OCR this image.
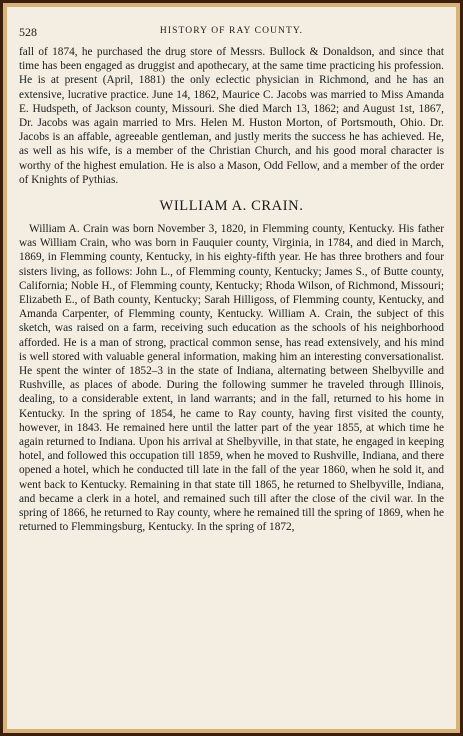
528	HISTORY OF RAY COUNTY.

fall of 1874, he purchased the drug store of Messrs. Bullock & Donaldson, and since that time has been engaged as druggist and apothecary, at the same time practicing his profession. He is at present (April, 1881) the only eclectic physician in Richmond, and he has an extensive, lucrative practice. June 14, 1862, Maurice C. Jacobs was married to Miss Amanda E. Hudspeth, of Jackson county, Missouri. She died March 13, 1862; and August 1st, 1867, Dr. Jacobs was again married to Mrs. Helen M. Huston Morton, of Portsmouth, Ohio. Dr. Jacobs is an affable, agreeable gentleman, and justly merits the success he has achieved. He, as well as his wife, is a member of the Christian Church, and his good moral character is worthy of the highest emulation. He is also a Mason, Odd Fellow, and a member of the order of Knights of Pythias.

WILLIAM A. CRAIN.

William A. Crain was born November 3, 1820, in Flemming county, Kentucky. His father was William Crain, who was born in Fauquier county, Virginia, in 1784, and died in March, 1869, in Flemming county, Kentucky, in his eighty-fifth year. He has three brothers and four sisters living, as follows: John L., of Flemming county, Kentucky; James S., of Butte county, California; Noble H., of Flemming county, Kentucky; Rhoda Wilson, of Richmond, Missouri; Elizabeth E., of Bath county, Kentucky; Sarah Hilligoss, of Flemming county, Kentucky, and Amanda Carpenter, of Flemming county, Kentucky. William A. Crain, the subject of this sketch, was raised on a farm, receiving such education as the schools of his neighborhood afforded. He is a man of strong, practical common sense, has read extensively, and his mind is well stored with valuable general information, making him an interesting conversationalist. He spent the winter of 1852–3 in the state of Indiana, alternating between Shelbyville and Rushville, as places of abode. During the following summer he traveled through Illinois, dealing, to a considerable extent, in land warrants; and in the fall, returned to his home in Kentucky. In the spring of 1854, he came to Ray county, having first visited the county, however, in 1843. He remained here until the latter part of the year 1855, at which time he again returned to Indiana. Upon his arrival at Shelbyville, in that state, he engaged in keeping hotel, and followed this occupation till 1859, when he moved to Rushville, Indiana, and there opened a hotel, which he conducted till late in the fall of the year 1860, when he sold it, and went back to Kentucky. Remaining in that state till 1865, he returned to Shelbyville, Indiana, and became a clerk in a hotel, and remained such till after the close of the civil war. In the spring of 1866, he returned to Ray county, where he remained till the spring of 1869, when he returned to Flemmingsburg, Kentucky. In the spring of 1872,
